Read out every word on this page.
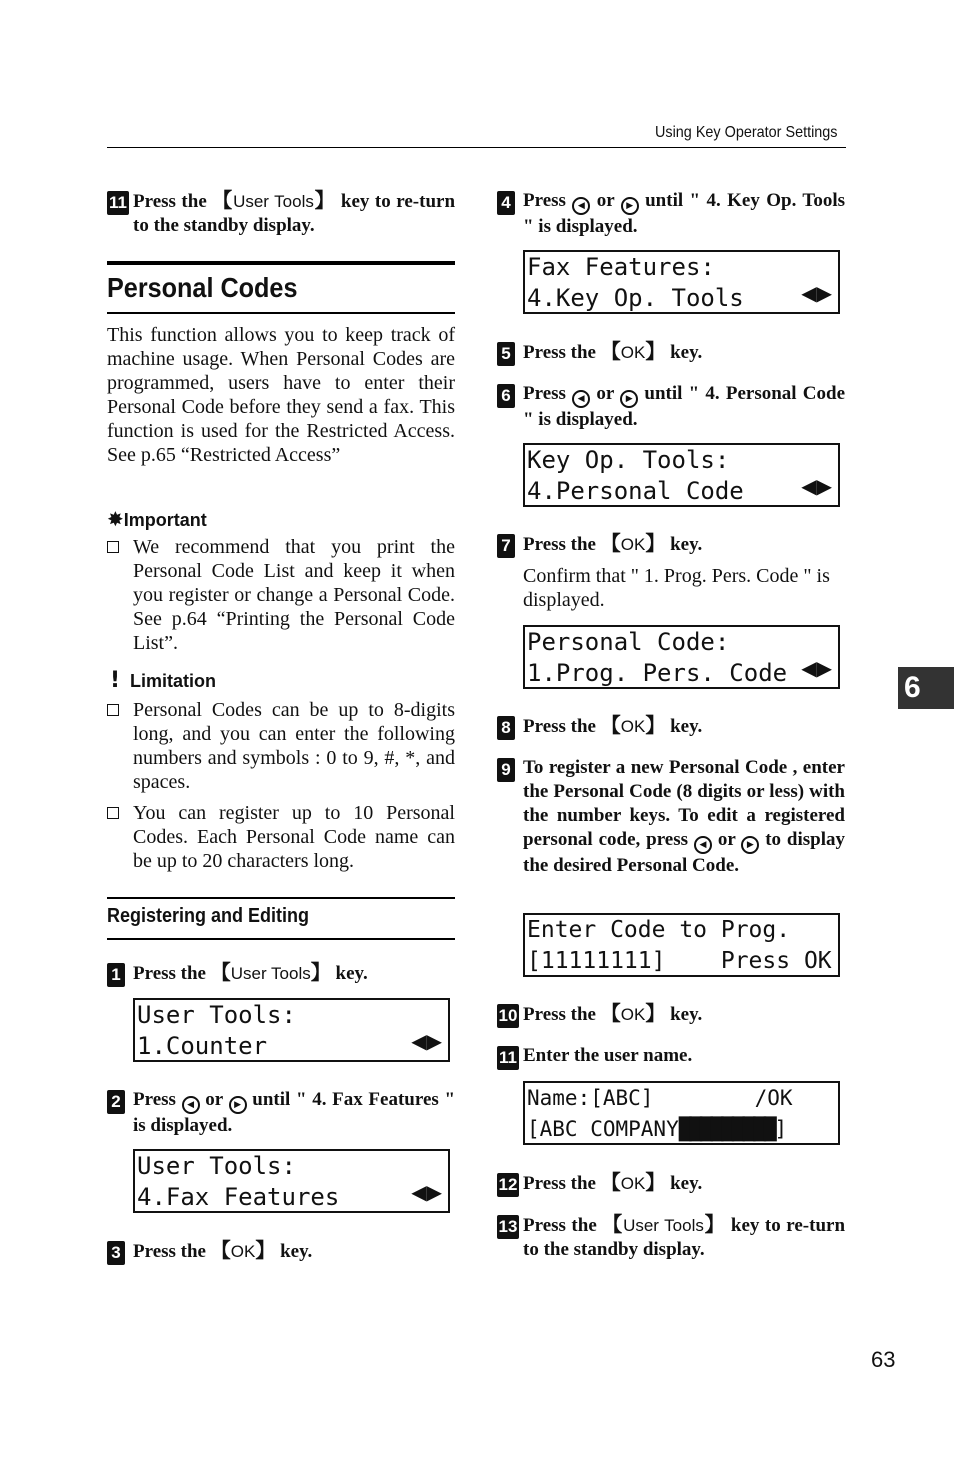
Using Key Operator Settings
11 Press the 【User Tools】 key to re-turn to the standby display.
Personal Codes
This function allows you to keep track of machine usage. When Personal Codes are programmed, users have to enter their Personal Code before they send a fax. This function is used for the Restricted Access. See p.65 “Restricted Access”
✸Important
We recommend that you print the Personal Code List and keep it when you register or change a Personal Code. See p.64 “Printing the Personal Code List”.
! Limitation
Personal Codes can be up to 8-digits long, and you can enter the following numbers and symbols : 0 to 9, #, *, and spaces.
You can register up to 10 Personal Codes. Each Personal Code name can be up to 20 characters long.
Registering and Editing
1 Press the 【User Tools】 key.
User Tools:
1.Counter	◀▶
2 Press ◀ or ▶ until " 4. Fax Features " is displayed.
User Tools:
4.Fax Features	◀▶
3 Press the 【OK】 key.
4 Press ◀ or ▶ until " 4. Key Op. Tools " is displayed.
Fax Features:
4.Key Op. Tools	◀▶
5 Press the 【OK】 key.
6 Press ◀ or ▶ until " 4. Personal Code " is displayed.
Key Op. Tools:
4.Personal Code	◀▶
7 Press the 【OK】 key.
Confirm that " 1. Prog. Pers. Code " is displayed.
Personal Code:
1.Prog. Pers. Code ◀▶
8 Press the 【OK】 key.
9 To register a new Personal Code , enter the Personal Code (8 digits or less) with the number keys. To edit a registered personal code, press ◀ or ▶ to display the desired Personal Code.
Enter Code to Prog.
[11111111]    Press OK
10 Press the 【OK】 key.
11 Enter the user name.
Name:[ABC]        /OK
[ABC COMPANY█████████]
12 Press the 【OK】 key.
13 Press the 【User Tools】 key to re-turn to the standby display.
6
63
